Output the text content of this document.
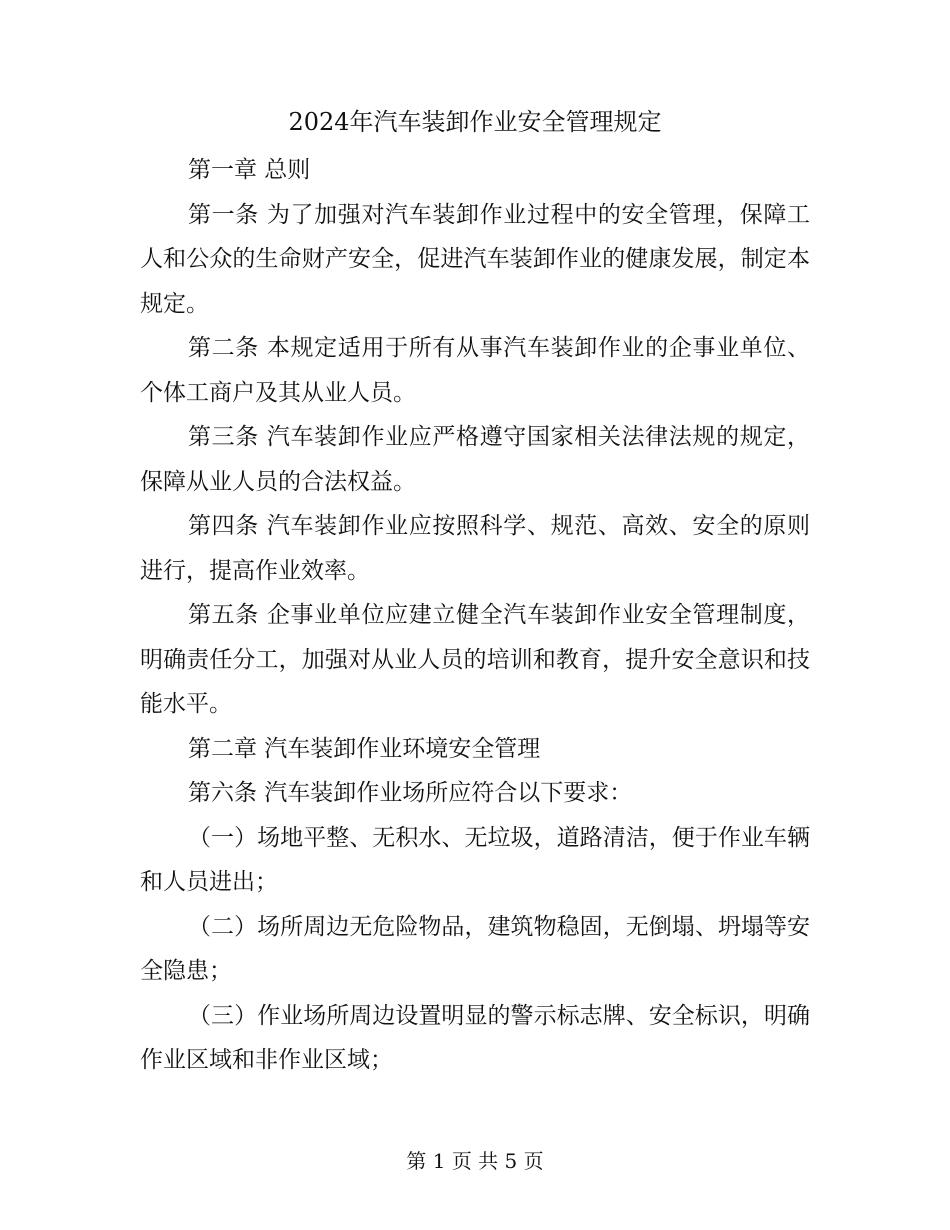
2024年汽车装卸作业安全管理规定

第一章 总则

第一条 为了加强对汽车装卸作业过程中的安全管理，保障工人和公众的生命财产安全，促进汽车装卸作业的健康发展，制定本规定。

第二条 本规定适用于所有从事汽车装卸作业的企事业单位、个体工商户及其从业人员。

第三条 汽车装卸作业应严格遵守国家相关法律法规的规定，保障从业人员的合法权益。

第四条 汽车装卸作业应按照科学、规范、高效、安全的原则进行，提高作业效率。

第五条 企事业单位应建立健全汽车装卸作业安全管理制度，明确责任分工，加强对从业人员的培训和教育，提升安全意识和技能水平。

第二章 汽车装卸作业环境安全管理

第六条 汽车装卸作业场所应符合以下要求：

（一）场地平整、无积水、无垃圾，道路清洁，便于作业车辆和人员进出；

（二）场所周边无危险物品，建筑物稳固，无倒塌、坍塌等安全隐患；

（三）作业场所周边设置明显的警示标志牌、安全标识，明确作业区域和非作业区域；

第 1 页 共 5 页
